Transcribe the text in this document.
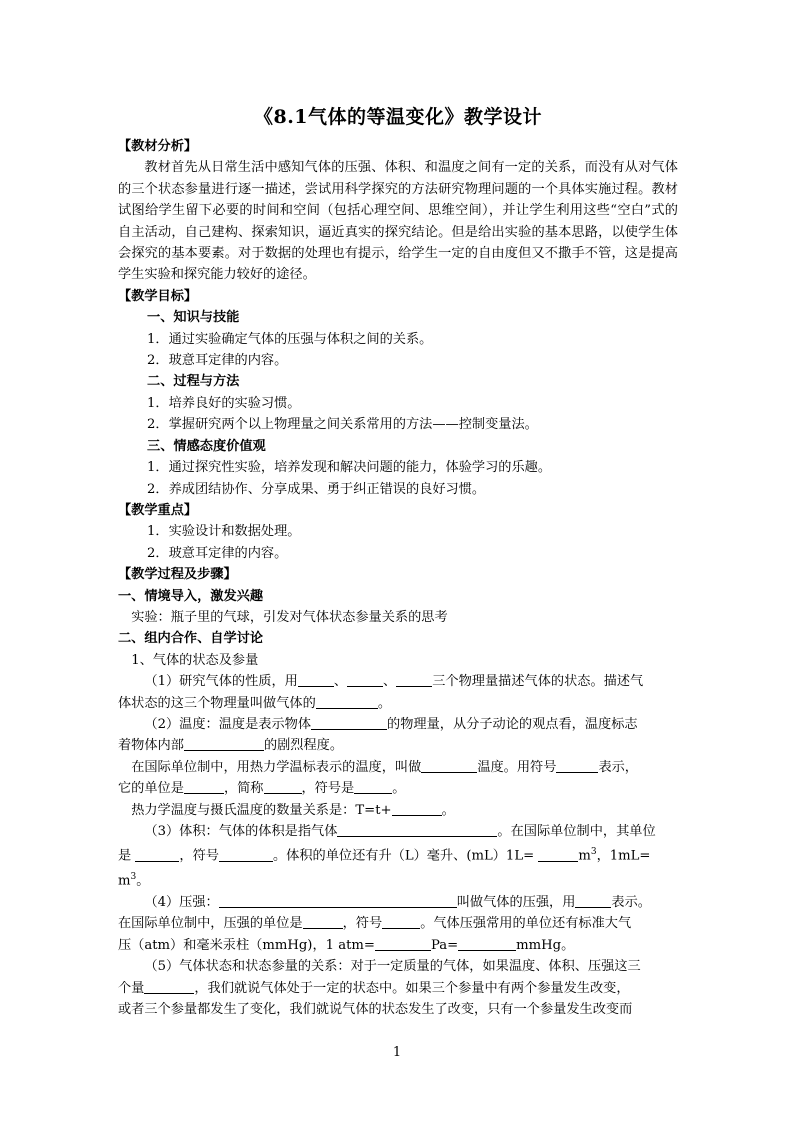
《8.1气体的等温变化》教学设计
【教材分析】
教材首先从日常生活中感知气体的压强、体积、和温度之间有一定的关系，而没有从对气体的三个状态参量进行逐一描述，尝试用科学探究的方法研究物理问题的一个具体实施过程。教材试图给学生留下必要的时间和空间（包括心理空间、思维空间），并让学生利用这些“空白”式的自主活动，自己建构、探索知识，逼近真实的探究结论。但是给出实验的基本思路，以使学生体会探究的基本要素。对于数据的处理也有提示，给学生一定的自由度但又不撒手不管，这是提高学生实验和探究能力较好的途径。
【教学目标】
一、知识与技能
1．通过实验确定气体的压强与体积之间的关系。
2．玻意耳定律的内容。
二、过程与方法
1．培养良好的实验习惯。
2．掌握研究两个以上物理量之间关系常用的方法——控制变量法。
三、情感态度价值观
1．通过探究性实验，培养发现和解决问题的能力，体验学习的乐趣。
2．养成团结协作、分享成果、勇于纠正错误的良好习惯。
【教学重点】
1．实验设计和数据处理。
2．玻意耳定律的内容。
【教学过程及步骤】
一、情境导入，激发兴趣
实验：瓶子里的气球，引发对气体状态参量关系的思考
二、组内合作、自学讨论
1、气体的状态及参量
（1）研究气体的性质，用	、	、	三个物理量描述气体的状态。描述气
体状态的这三个物理量叫做气体的	。
（2）温度：温度是表示物体	的物理量，从分子动论的观点看，温度标志
着物体内部	的剧烈程度。
在国际单位制中，用热力学温标表示的温度，叫做	温度。用符号	表示，
它的单位是	，简称	，符号是	。
热力学温度与摄氏温度的数量关系是：T=t+	。
（3）体积：气体的体积是指气体	。在国际单位制中，其单位
是	，符号	。体积的单位还有升（L）毫升、(mL）1L=	$m^3$，1mL=
$m^3$。
（4）压强：	叫做气体的压强，用	表示。
在国际单位制中，压强的单位是	，符号	。气体压强常用的单位还有标准大气
压（atm）和毫米汞柱（mmHg)，1 atm=	Pa=	mmHg。
（5）气体状态和状态参量的关系：对于一定质量的气体，如果温度、体积、压强这三
个量	，我们就说气体处于一定的状态中。如果三个参量中有两个参量发生改变，
或者三个参量都发生了变化，我们就说气体的状态发生了改变，只有一个参量发生改变而
1
